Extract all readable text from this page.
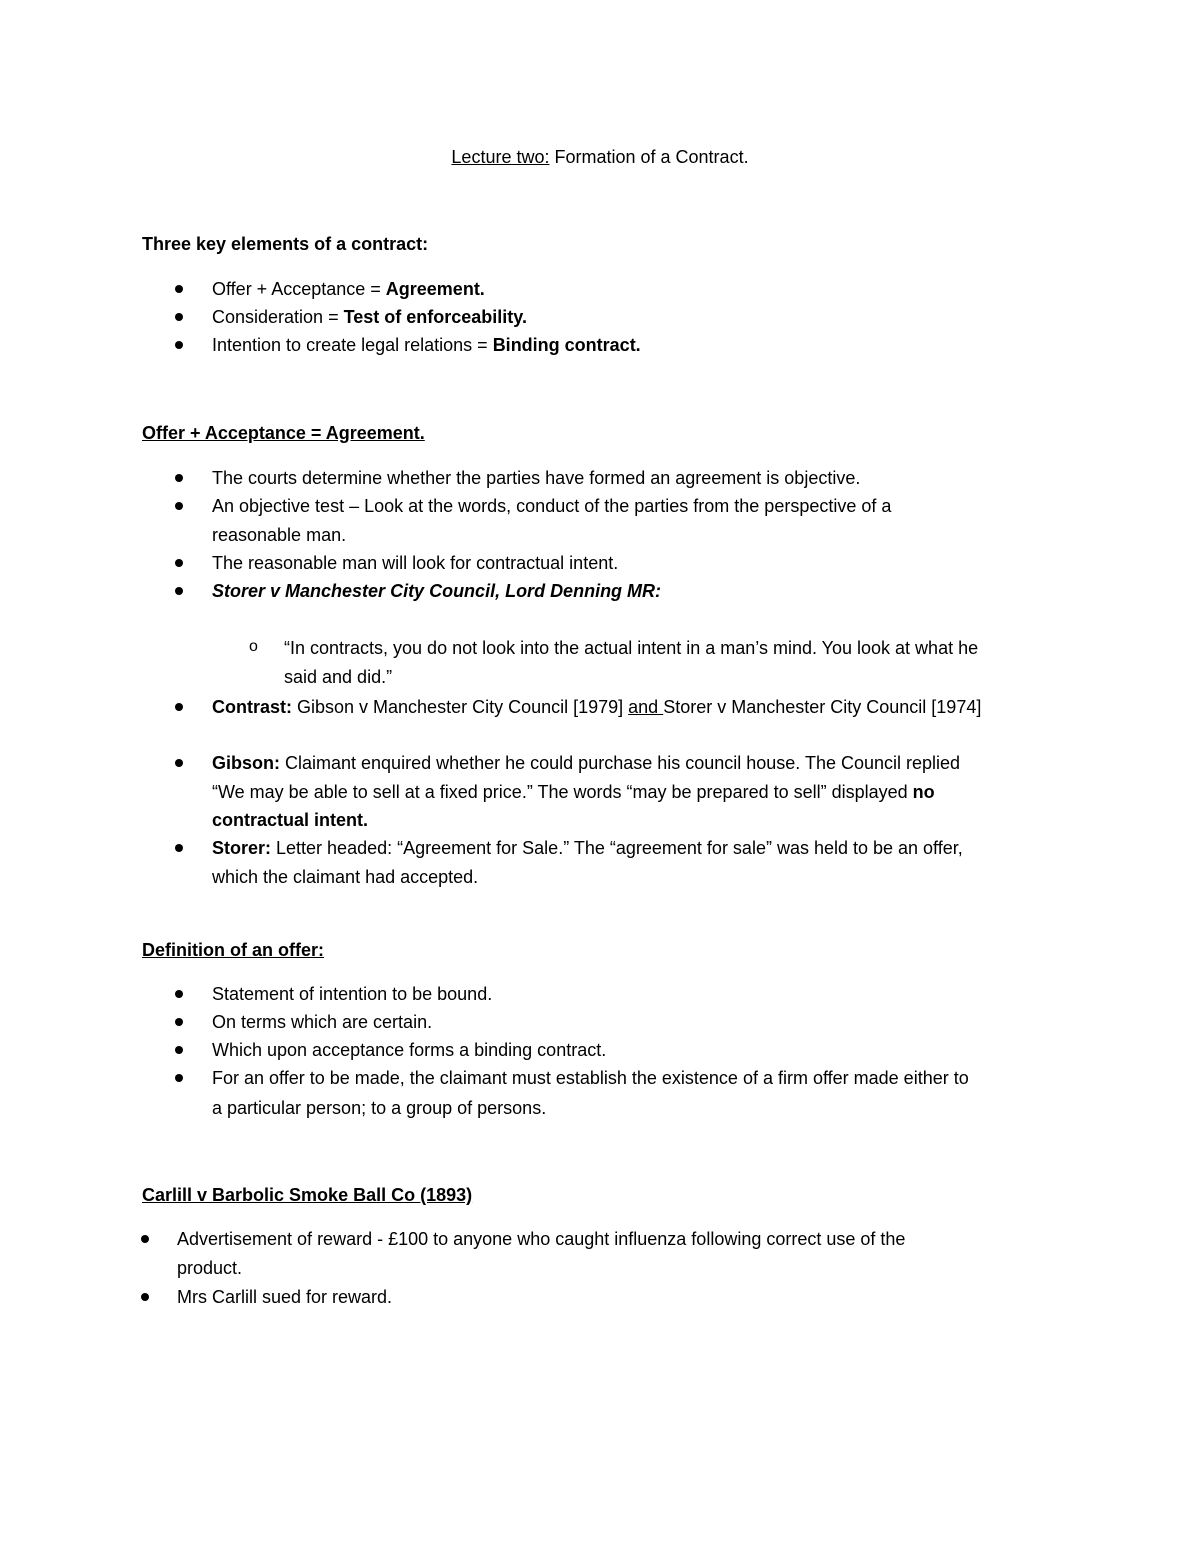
Lecture two: Formation of a Contract.
Three key elements of a contract:
Offer + Acceptance = Agreement.
Consideration = Test of enforceability.
Intention to create legal relations = Binding contract.
Offer + Acceptance = Agreement.
The courts determine whether the parties have formed an agreement is objective.
An objective test – Look at the words, conduct of the parties from the perspective of a
reasonable man.
The reasonable man will look for contractual intent.
Storer v Manchester City Council, Lord Denning MR:
o “In contracts, you do not look into the actual intent in a man’s mind. You look at what he
said and did.”
Contrast: Gibson v Manchester City Council [1979] and Storer v Manchester City Council [1974]
Gibson: Claimant enquired whether he could purchase his council house. The Council replied
“We may be able to sell at a fixed price.” The words “may be prepared to sell” displayed no
contractual intent.
Storer: Letter headed: “Agreement for Sale.” The “agreement for sale” was held to be an offer,
which the claimant had accepted.
Definition of an offer:
Statement of intention to be bound.
On terms which are certain.
Which upon acceptance forms a binding contract.
For an offer to be made, the claimant must establish the existence of a firm offer made either to
a particular person; to a group of persons.
Carlill v Barbolic Smoke Ball Co (1893)
Advertisement of reward - £100 to anyone who caught influenza following correct use of the
product.
Mrs Carlill sued for reward.
